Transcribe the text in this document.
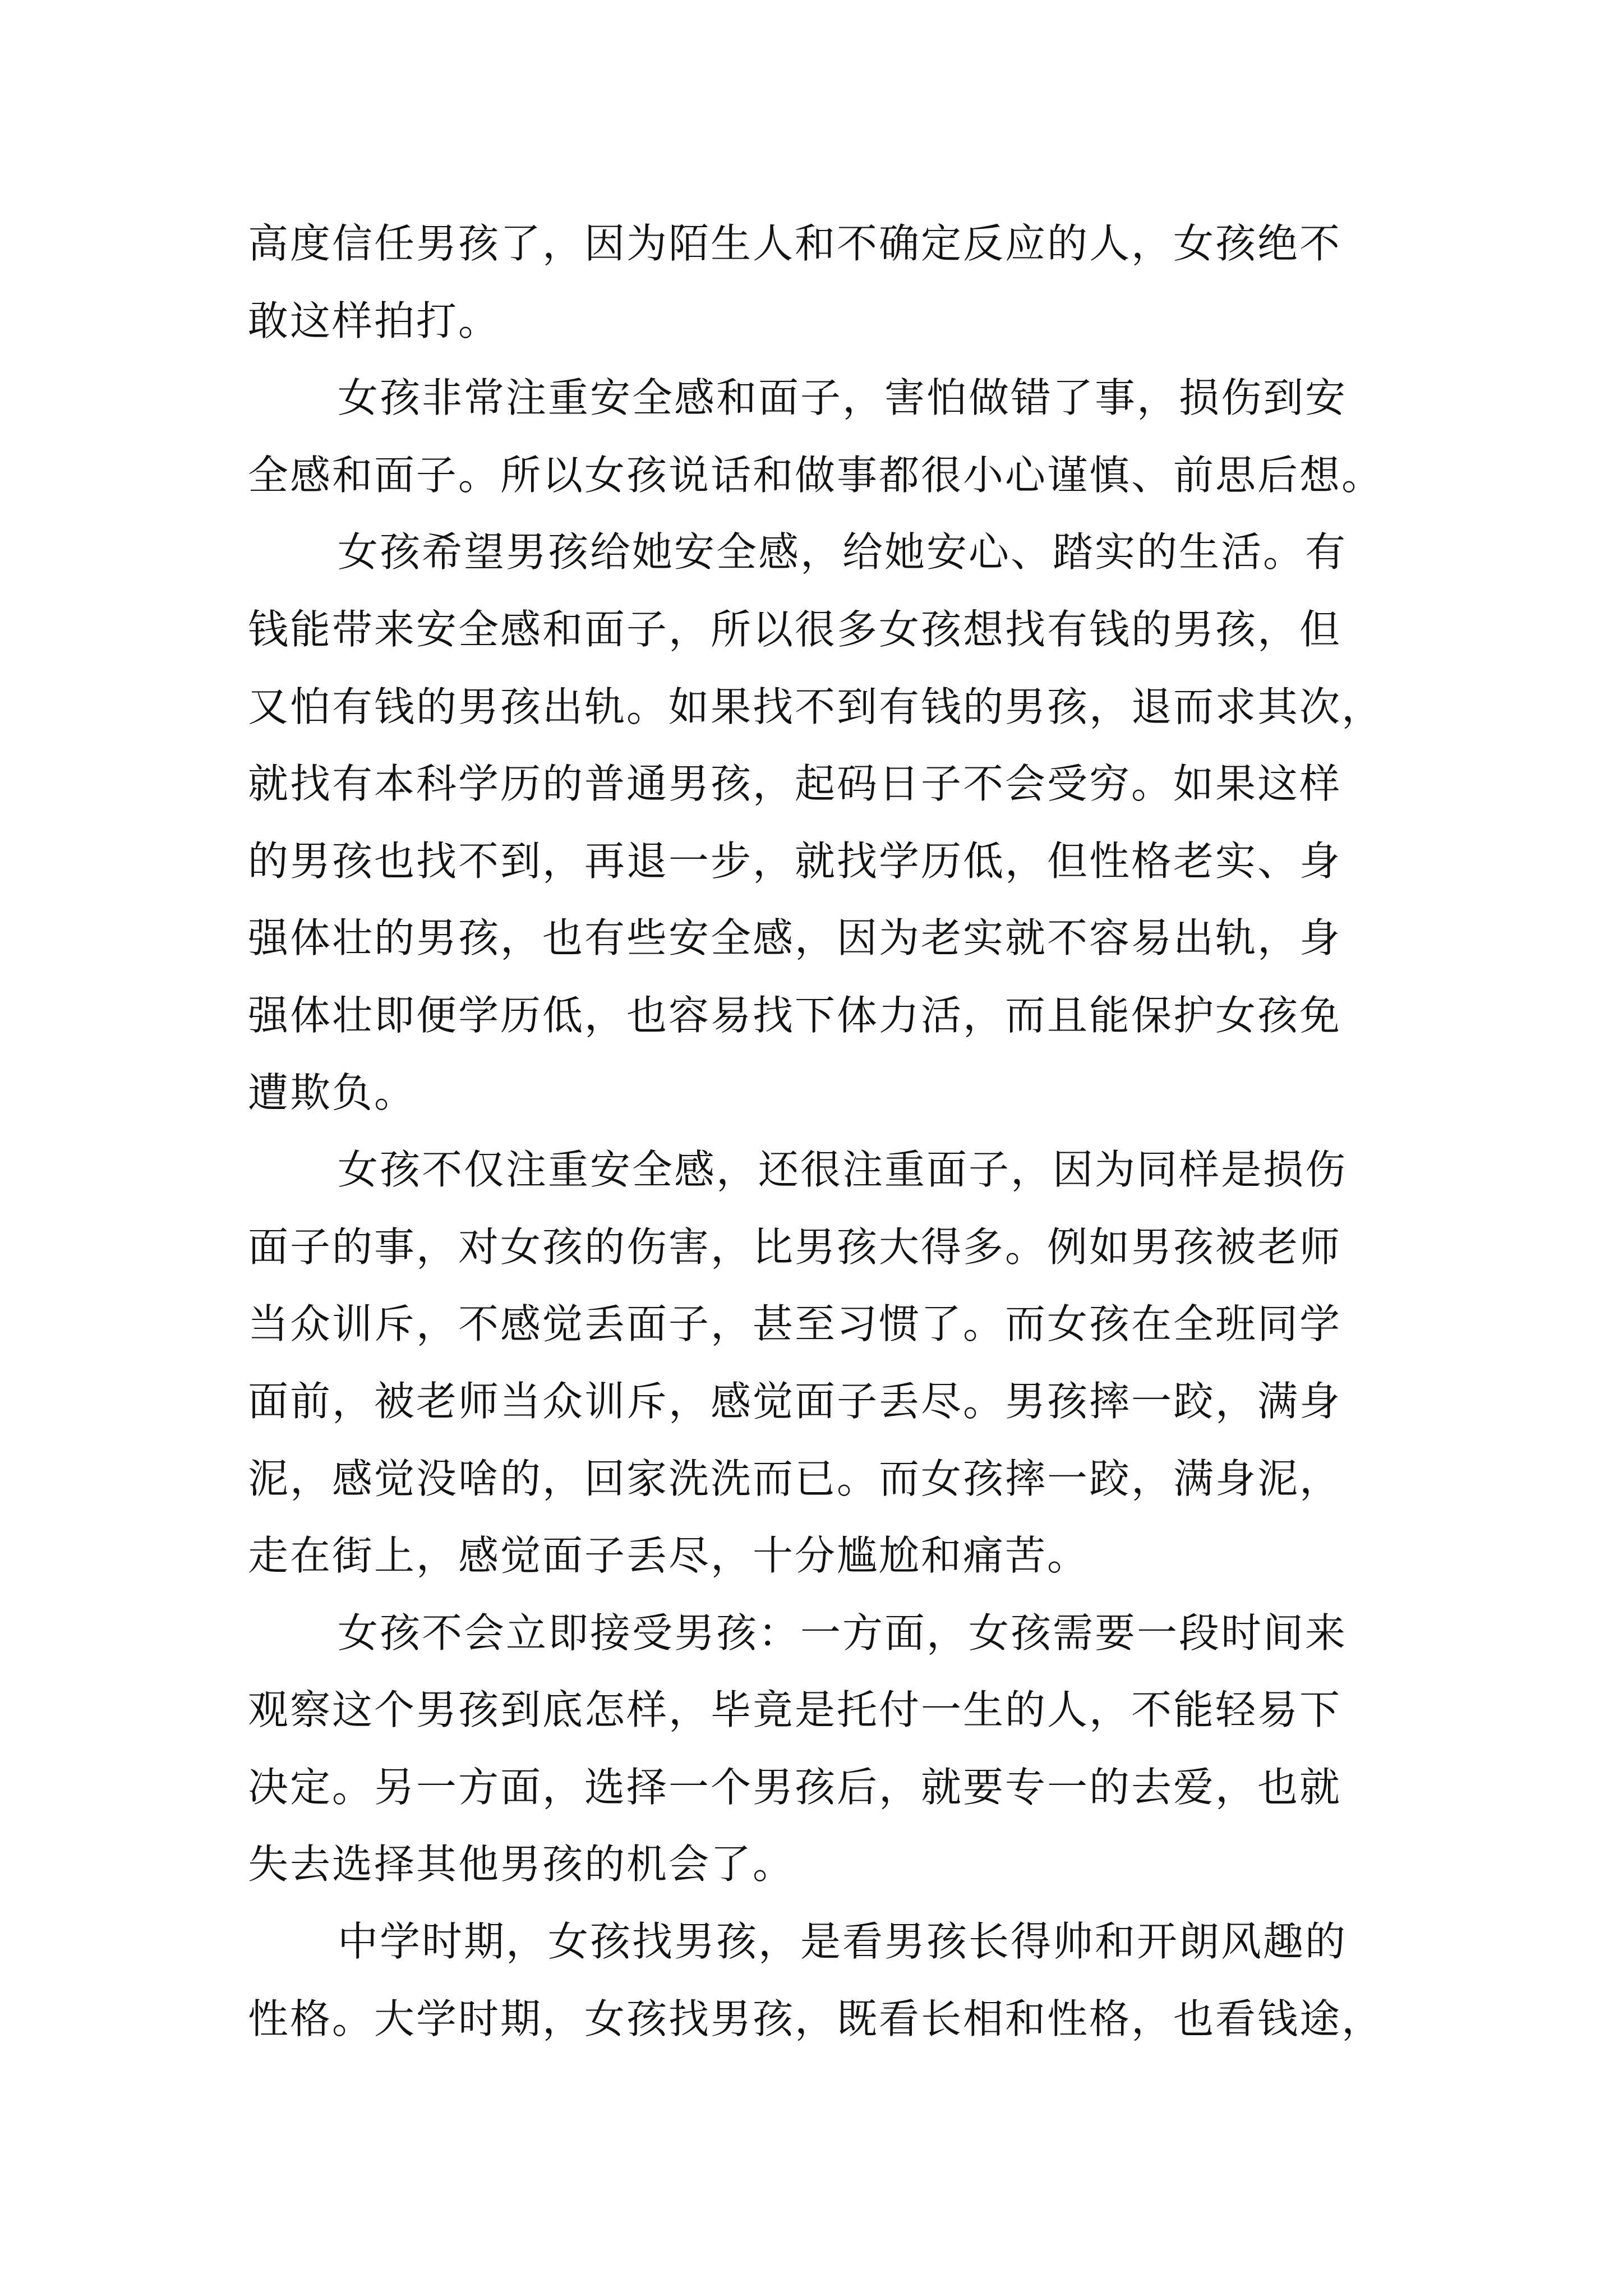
高度信任男孩了，因为陌生人和不确定反应的人，女孩绝不
敢这样拍打。
女孩非常注重安全感和面子，害怕做错了事，损伤到安
全感和面子。所以女孩说话和做事都很小心谨慎、前思后想。
女孩希望男孩给她安全感，给她安心、踏实的生活。有
钱能带来安全感和面子，所以很多女孩想找有钱的男孩，但
又怕有钱的男孩出轨。如果找不到有钱的男孩，退而求其次，
就找有本科学历的普通男孩，起码日子不会受穷。如果这样
的男孩也找不到，再退一步，就找学历低，但性格老实、身
强体壮的男孩，也有些安全感，因为老实就不容易出轨，身
强体壮即便学历低，也容易找下体力活，而且能保护女孩免
遭欺负。
女孩不仅注重安全感，还很注重面子，因为同样是损伤
面子的事，对女孩的伤害，比男孩大得多。例如男孩被老师
当众训斥，不感觉丢面子，甚至习惯了。而女孩在全班同学
面前，被老师当众训斥，感觉面子丢尽。男孩摔一跤，满身
泥，感觉没啥的，回家洗洗而已。而女孩摔一跤，满身泥，
走在街上，感觉面子丢尽，十分尴尬和痛苦。
女孩不会立即接受男孩：一方面，女孩需要一段时间来
观察这个男孩到底怎样，毕竟是托付一生的人，不能轻易下
决定。另一方面，选择一个男孩后，就要专一的去爱，也就
失去选择其他男孩的机会了。
中学时期，女孩找男孩，是看男孩长得帅和开朗风趣的
性格。大学时期，女孩找男孩，既看长相和性格，也看钱途，
